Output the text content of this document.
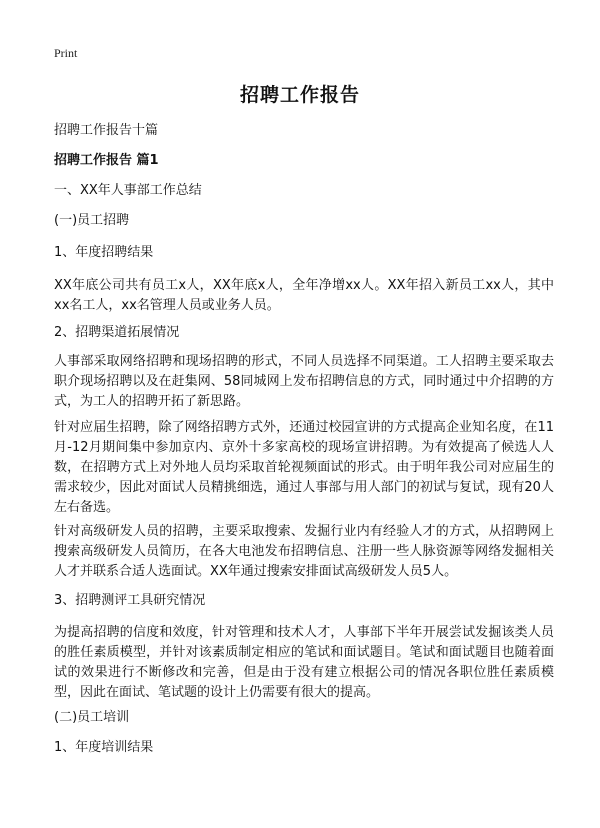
Print
招聘工作报告

招聘工作报告十篇

招聘工作报告 篇1

一、XX年人事部工作总结

(一)员工招聘

1、年度招聘结果

XX年底公司共有员工x人，XX年底x人，全年净增xx人。XX年招入新员工xx人，其中xx名工人，xx名管理人员或业务人员。

2、招聘渠道拓展情况

人事部采取网络招聘和现场招聘的形式，不同人员选择不同渠道。工人招聘主要采取去职介现场招聘以及在赶集网、58同城网上发布招聘信息的方式，同时通过中介招聘的方式，为工人的招聘开拓了新思路。

针对应届生招聘，除了网络招聘方式外，还通过校园宣讲的方式提高企业知名度，在11月-12月期间集中参加京内、京外十多家高校的现场宣讲招聘。为有效提高了候选人人数，在招聘方式上对外地人员均采取首轮视频面试的形式。由于明年我公司对应届生的需求较少，因此对面试人员精挑细选，通过人事部与用人部门的初试与复试，现有20人左右备选。

针对高级研发人员的招聘，主要采取搜索、发掘行业内有经验人才的方式，从招聘网上搜索高级研发人员简历，在各大电池发布招聘信息、注册一些人脉资源等网络发掘相关人才并联系合适人选面试。XX年通过搜索安排面试高级研发人员5人。

3、招聘测评工具研究情况

为提高招聘的信度和效度，针对管理和技术人才，人事部下半年开展尝试发掘该类人员的胜任素质模型，并针对该素质制定相应的笔试和面试题目。笔试和面试题目也随着面试的效果进行不断修改和完善，但是由于没有建立根据公司的情况各职位胜任素质模型，因此在面试、笔试题的设计上仍需要有很大的提高。

(二)员工培训

1、年度培训结果
